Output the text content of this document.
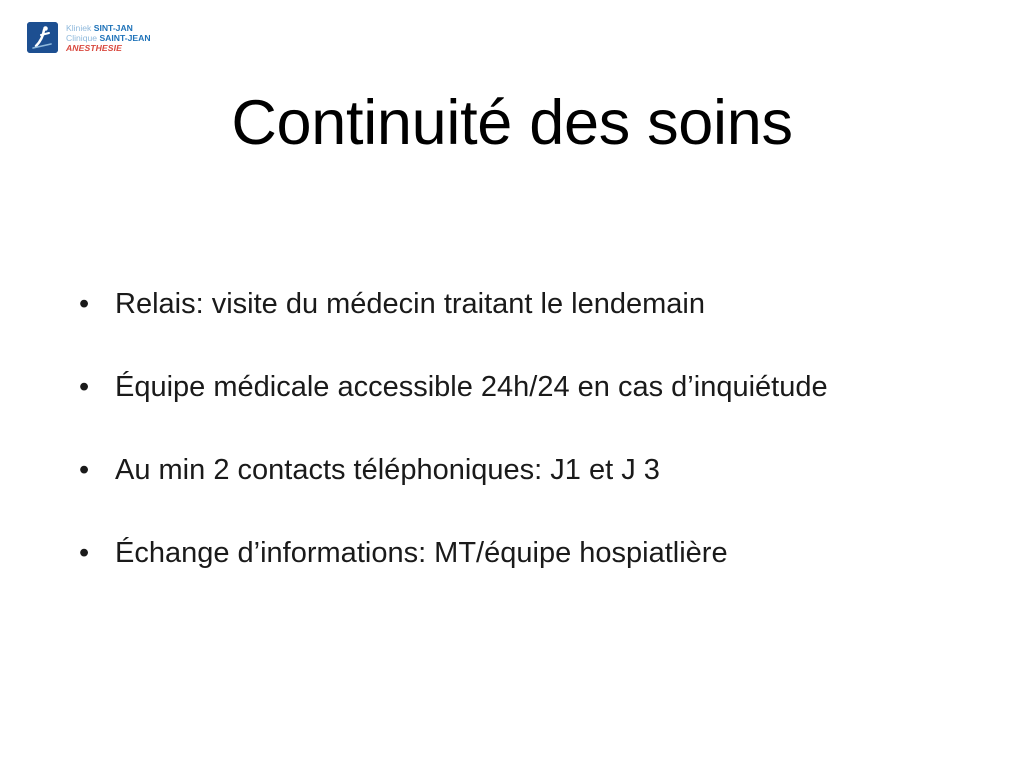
Kliniek SINT-JAN
Clinique SAINT-JEAN
ANESTHESIE
Continuité des soins
• Relais: visite du médecin traitant le lendemain
• Équipe médicale accessible 24h/24 en cas d’inquiétude
• Au min 2 contacts téléphoniques: J1 et J 3
• Échange d’informations: MT/équipe hospiatlière
